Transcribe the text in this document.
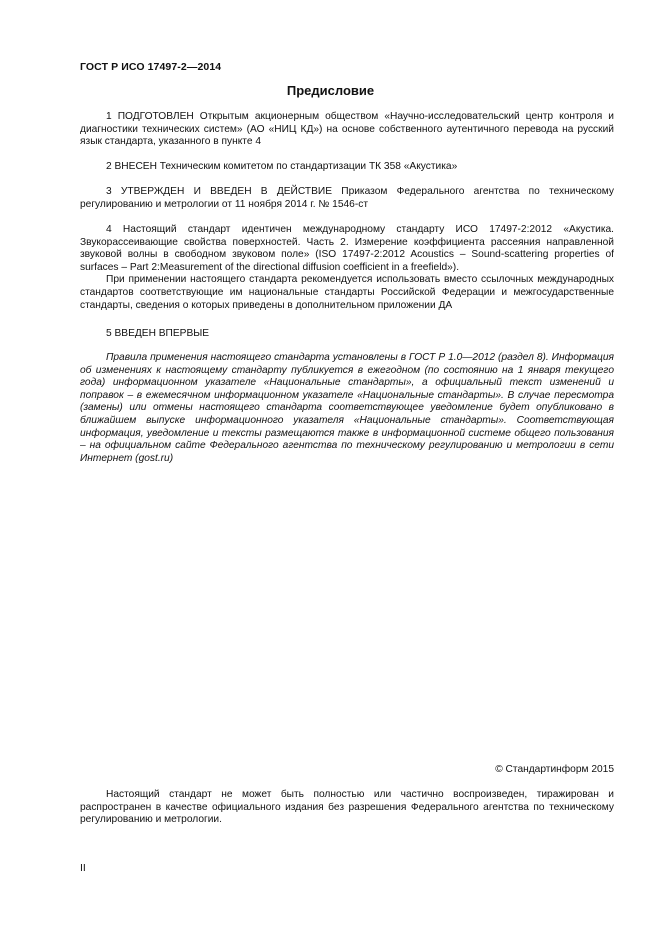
ГОСТ Р ИСО 17497-2—2014
Предисловие

1 ПОДГОТОВЛЕН Открытым акционерным обществом «Научно-исследовательский центр контроля и диагностики технических систем» (АО «НИЦ КД») на основе собственного аутентичного перевода на русский язык стандарта, указанного в пункте 4

2 ВНЕСЕН Техническим комитетом по стандартизации ТК 358 «Акустика»

3 УТВЕРЖДЕН И ВВЕДЕН В ДЕЙСТВИЕ Приказом Федерального агентства по техническому регулированию и метрологии от 11 ноября 2014 г. № 1546-ст

4 Настоящий стандарт идентичен международному стандарту ИСО 17497-2:2012 «Акустика. Звукорассеивающие свойства поверхностей. Часть 2. Измерение коэффициента рассеяния направленной звуковой волны в свободном звуковом поле» (ISO 17497-2:2012 Acoustics – Sound-scattering properties of surfaces – Part 2:Measurement of the directional diffusion coefficient in a freefield»).

При применении настоящего стандарта рекомендуется использовать вместо ссылочных международных стандартов соответствующие им национальные стандарты Российской Федерации и межгосударственные стандарты, сведения о которых приведены в дополнительном приложении ДА

5 ВВЕДЕН ВПЕРВЫЕ

Правила применения настоящего стандарта установлены в ГОСТ Р 1.0—2012 (раздел 8). Информация об изменениях к настоящему стандарту публикуется в ежегодном (по состоянию на 1 января текущего года) информационном указателе «Национальные стандарты», а официальный текст изменений и поправок – в ежемесячном информационном указателе «Национальные стандарты». В случае пересмотра (замены) или отмены настоящего стандарта соответствующее уведомление будет опубликовано в ближайшем выпуске информационного указателя «Национальные стандарты». Соответствующая информация, уведомление и тексты размещаются также в информационной системе общего пользования – на официальном сайте Федерального агентства по техническому регулированию и метрологии в сети Интернет (gost.ru)

© Стандартинформ 2015

Настоящий стандарт не может быть полностью или частично воспроизведен, тиражирован и распространен в качестве официального издания без разрешения Федерального агентства по техническому регулированию и метрологии.

II
